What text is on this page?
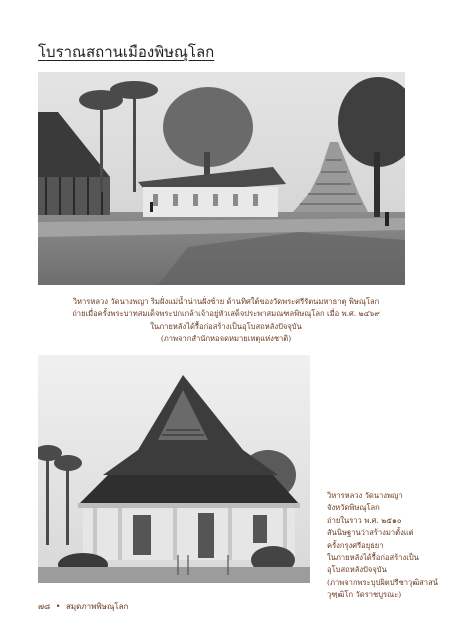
โบราณสถานเมืองพิษณุโลก
วิหารหลวง วัดนางพญา ริมฝั่งแม่น้ำน่านฝั่งซ้าย ด้านทิศใต้ของวัดพระศรีรัตนมหาธาตุ พิษณุโลก
ถ่ายเมื่อครั้งพระบาทสมเด็จพระปกเกล้าเจ้าอยู่หัวเสด็จประพาสมณฑลพิษณุโลก เมื่อ พ.ศ. ๒๔๖๙
ในภายหลังได้รื้อก่อสร้างเป็นอุโบสถหลังปัจจุบัน
(ภาพจากสำนักหอจดหมายเหตุแห่งชาติ)
วิหารหลวง วัดนางพญา
จังหวัดพิษณุโลก
ถ่ายในราว พ.ศ. ๒๕๑๐
สันนิษฐานว่าสร้างมาตั้งแต่
ครั้งกรุงศรีอยุธยา
ในภายหลังได้รื้อก่อสร้างเป็น
อุโบสถหลังปัจจุบัน
(ภาพจากพระบุปผิตปรีชาวุฒิสาสน์
วุฑฺฒิโก วัดราชบูรณะ)
๗๘ • สมุดภาพพิษณุโลก
